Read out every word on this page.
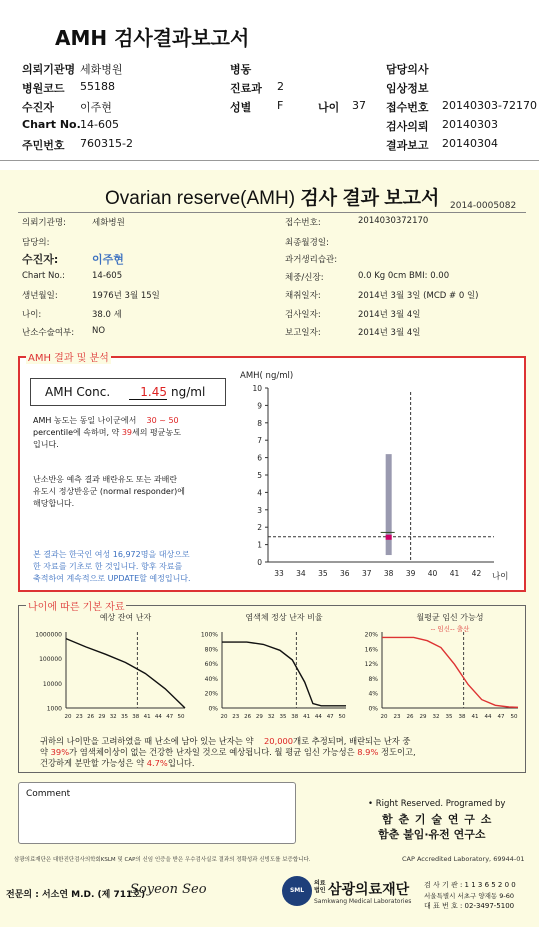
AMH 검사결과보고서
의뢰기관명 세화병원	병동	담당의사
병원코드 55188	진료과 2	임상정보
수진자 이주현	성별 F	나이 37 접수번호 20140303-72170
Chart No. 14-605	검사의뢰 20140303
주민번호 760315-2	결과보고 20140304
Ovarian reserve(AMH) 검사 결과 보고서 2014-0005082
의뢰기관명:	세화병원
담당의:
수진자:	이주현
Chart No.:	14-605
생년월일:	1976년 3월 15일
나이:	38.0 세
난소수술여부: NO
접수번호:	2014030372170
최종월경일:
과거생리습관:
체중/신장:	0.0 Kg 0cm BMI: 0.00
채취일자:	2014년 3월 3일 (MCD # 0 일)
검사일자:	2014년 3월 4일
보고일자:	2014년 3월 4일
AMH 결과 및 분석
AMH Conc.	1.45 ng/ml
AMH 농도는 동일 나이군에서 30 ~ 50
percentile에 속하며, 약 39세의 평균농도
입니다.
난소반응 예측 결과 배란유도 또는 과배란
유도시 정상반응군 (normal responder)에
해당합니다.
본 결과는 한국인 여성 16,972명을 대상으로
한 자료를 기초로 한 것입니다. 향후 자료를
축적하여 계속적으로 UPDATE할 예정입니다.
AMH( ng/ml)
0
1
2
3
4
5
6
7
8
9
10
33 34 35 36 37 38 39 40 41 42 나이
나이에 따른 기본 자료
예상 잔여 난자
1000000
100000
10000
1000
20 23 26 29 32 35 38 41 44 47 50
염색체 정상 난자 비율
100%
80%
60%
40%
20%
0%
20 23 26 29 32 35 38 41 44 47 50
월평균 임신 가능성
-- 임신-- 출산
20%
16%
12%
8%
4%
0%
20 23 26 29 32 35 38 41 44 47 50
귀하의 나이만을 고려하였을 때 난소에 남아 있는 난자는 약 20,000개로 추정되며, 배란되는 난자 중
약 39%가 염색체이상이 없는 건강한 난자일 것으로 예상됩니다. 월 평균 임신 가능성은 8.9% 정도이고,
건강하게 분만할 가능성은 약 4.7%입니다.
Comment
• Right Reserved. Programed by
함 춘 기 술 연 구 소
함춘 불임·유전 연구소
삼광의료재단은 대한진단검사의학회KSLM 및 CAP의 신임 인증을 받은 우수검사실로 결과의 정확성과 신빙도를 보증합니다.	CAP Accredited Laboratory, 69944-01
전문의 : 서소연 M.D. (제 711호)
Soyeon Seo	SML
의료 법인 삼광의료재단
Samkwang Medical Laboratories
검 사 기 관 : 1 1 3 6 5 2 0 0
서울특별시 서초구 양재동 9-60
대 표 번 호 : 02-3497-5100
